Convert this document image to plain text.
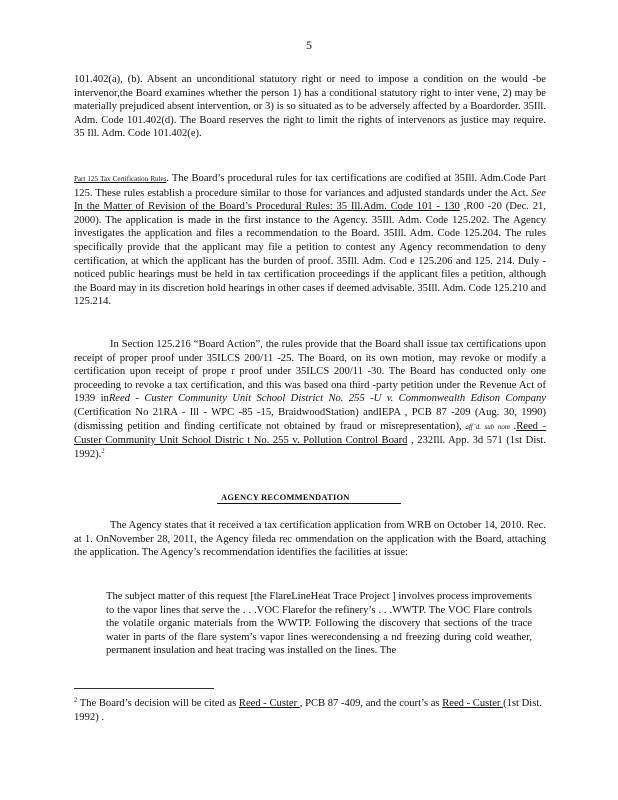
5
101.402(a), (b). Absent an unconditional statutory right or need to impose a condition on the would -be intervenor,the Board examines whether the person 1) has a conditional statutory right to inter vene, 2) may be materially prejudiced absent intervention, or 3) is so situated as to be adversely affected by a Boardorder. 35Ill. Adm. Code 101.402(d). The Board reserves the right to limit the rights of intervenors as justice may require. 35 Ill. Adm. Code 101.402(e).
Part 125 Tax Certification Rules. The Board’s procedural rules for tax certifications are codified at 35Ill. Adm.Code Part 125. These rules establish a procedure similar to those for variances and adjusted standards under the Act. See In the Matter of Revision of the Board’s Procedural Rules: 35 Ill.Adm. Code 101 - 130 ,R00 -20 (Dec. 21, 2000). The application is made in the first instance to the Agency. 35Ill. Adm. Code 125.202. The Agency investigates the application and files a recommendation to the Board. 35Ill. Adm. Code 125.204. The rules specifically provide that the applicant may file a petition to contest any Agency recommendation to deny certification, at which the applicant has the burden of proof. 35Ill. Adm. Cod e 125.206 and 125. 214. Duly -noticed public hearings must be held in tax certification proceedings if the applicant files a petition, although the Board may in its discretion hold hearings in other cases if deemed advisable. 35Ill. Adm. Code 125.210 and 125.214.
In Section 125.216 “Board Action”, the rules provide that the Board shall issue tax certifications upon receipt of proper proof under 35ILCS 200/11 -25. The Board, on its own motion, may revoke or modify a certification upon receipt of prope r proof under 35ILCS 200/11 -30. The Board has conducted only one proceeding to revoke a tax certification, and this was based ona third -party petition under the Revenue Act of 1939 inReed - Custer Community Unit School District No. 255 -U v. Commonwealth Edison Company (Certification No 21RA - Ill - WPC -85 -15, BraidwoodStation) andIEPA , PCB 87 -209 (Aug. 30, 1990) (dismissing petition and finding certificate not obtained by fraud or misrepresentation), aff’d. sub nom .Reed - Custer Community Unit School Distric t No. 255 v. Pollution Control Board , 232Ill. App. 3d 571 (1st Dist. 1992).$^2$
AGENCY RECOMMENDATION
The Agency states that it received a tax certification application from WRB on October 14, 2010. Rec. at 1. OnNovember 28, 2011, the Agency fileda rec ommendation on the application with the Board, attaching the application. The Agency’s recommendation identifies the facilities at issue:
The subject matter of this request [the FlareLineHeat Trace Project ] involves process improvements to the vapor lines that serve the . . .VOC Flarefor the refinery’s . . .WWTP. The VOC Flare controls the volatile organic materials from the WWTP. Following the discovery that sections of the trace water in parts of the flare system’s vapor lines werecondensing a nd freezing during cold weather, permanent insulation and heat tracing was installed on the lines. The
$^2$ The Board’s decision will be cited as Reed - Custer , PCB 87 -409, and the court’s as Reed - Custer (1st Dist. 1992) .
